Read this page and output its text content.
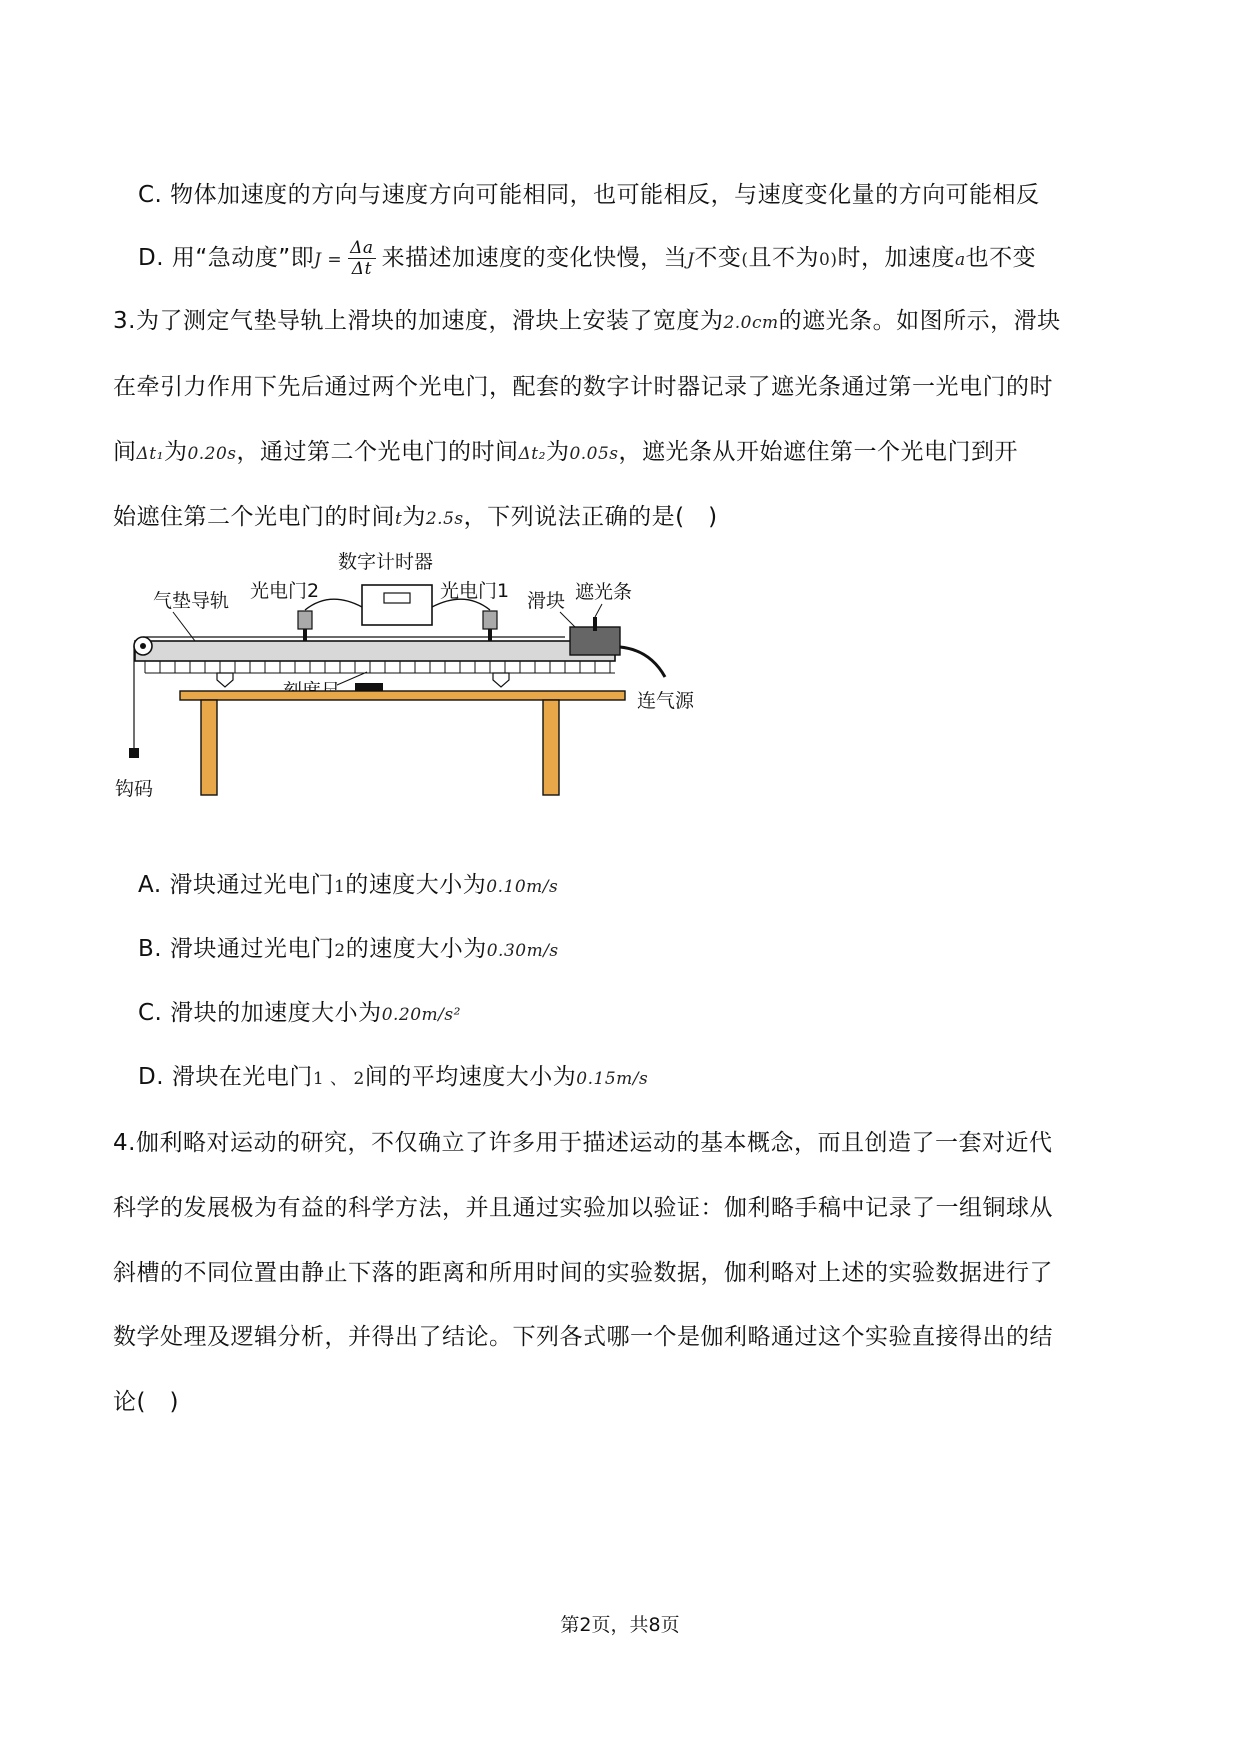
C. 物体加速度的方向与速度方向可能相同，也可能相反，与速度变化量的方向可能相反
D. 用“急动度”即$J = \frac{\Delta a}{\Delta t}$ 来描述加速度的变化快慢，当J不变(且不为0)时，加速度a也不变
3.为了测定气垫导轨上滑块的加速度，滑块上安装了宽度为2.0cm的遮光条。如图所示，滑块
在牵引力作用下先后通过两个光电门，配套的数字计时器记录了遮光条通过第一光电门的时
间Δt₁为0.20s，通过第二个光电门的时间Δt₂为0.05s，遮光条从开始遮住第一个光电门到开
始遮住第二个光电门的时间t为2.5s，下列说法正确的是(　)
数字计时器
光电门2	光电门1
气垫导轨
钩码
滑块 遮光条
连气源
A. 滑块通过光电门1的速度大小为0.10m/s
B. 滑块通过光电门2的速度大小为0.30m/s
C. 滑块的加速度大小为0.20m/s²
D. 滑块在光电门1 、 2间的平均速度大小为0.15m/s
4.伽利略对运动的研究，不仅确立了许多用于描述运动的基本概念，而且创造了一套对近代
科学的发展极为有益的科学方法，并且通过实验加以验证：伽利略手稿中记录了一组铜球从
斜槽的不同位置由静止下落的距离和所用时间的实验数据，伽利略对上述的实验数据进行了
数学处理及逻辑分析，并得出了结论。下列各式哪一个是伽利略通过这个实验直接得出的结
论(　)
第2页，共8页
